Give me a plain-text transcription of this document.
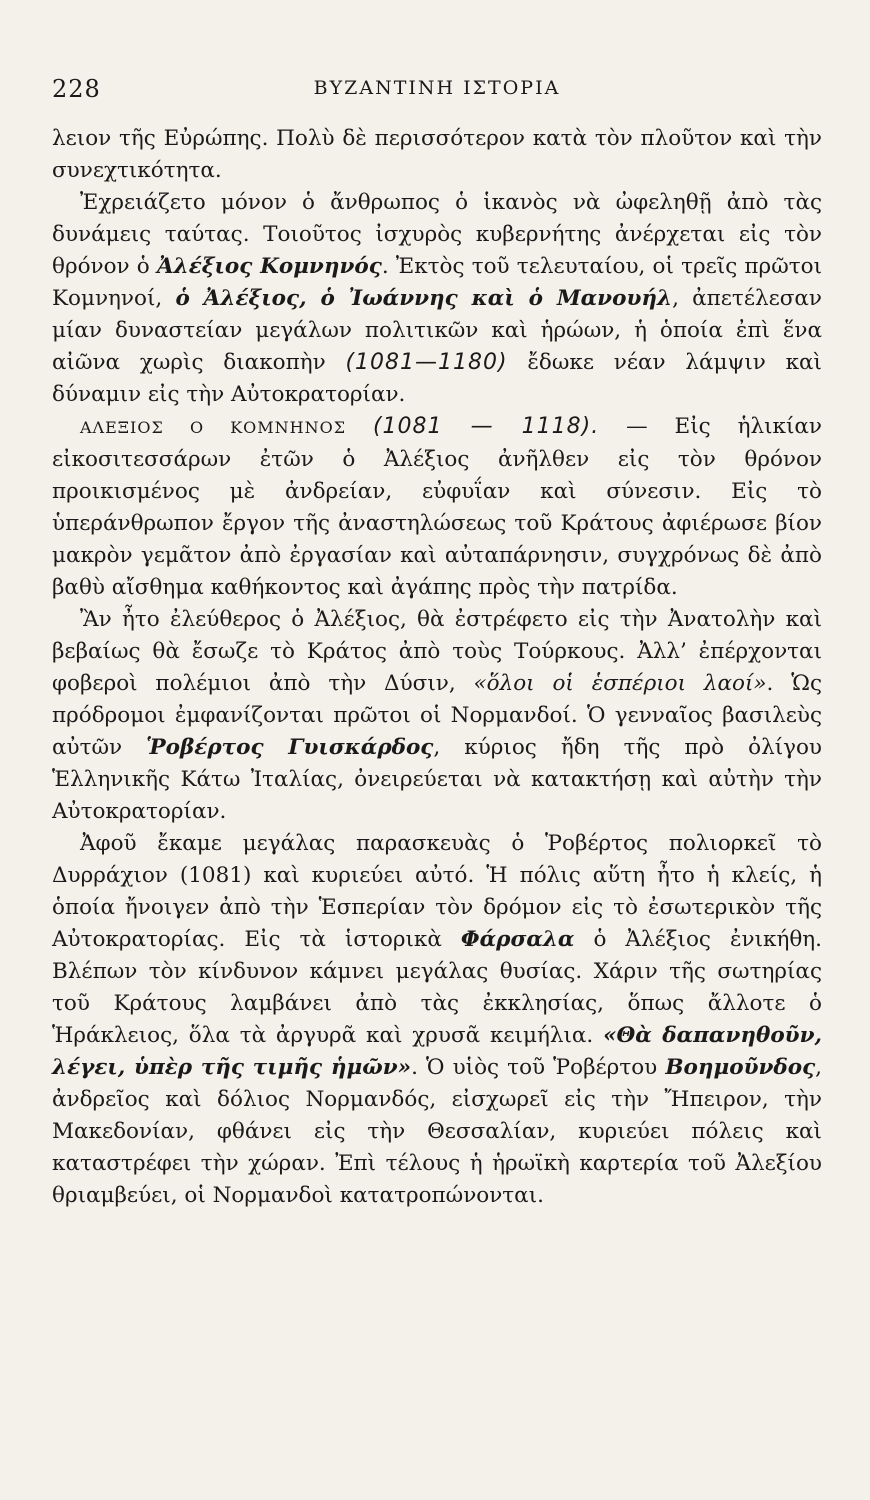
228	ΒΥΖΑΝΤΙΝΗ ΙΣΤΟΡΙΑ

λειον τῆς Εὐρώπης. Πολὺ δὲ περισσότερον κατὰ τὸν πλοῦτον καὶ τὴν συνεχτικότητα.

Ἐχρειάζετο μόνον ὁ ἄνθρωπος ὁ ἱκανὸς νὰ ὠφεληθῇ ἀπὸ τὰς δυνάμεις ταύτας. Τοιοῦτος ἰσχυρὸς κυβερνήτης ἀνέρχεται εἰς τὸν θρόνον ὁ Ἀλέξιος Κομνηνός. Ἐκτὸς τοῦ τελευταίου, οἱ τρεῖς πρῶτοι Κομνηνοί, ὁ Ἀλέξιος, ὁ Ἰωάννης καὶ ὁ Μανουήλ, ἀπετέλεσαν μίαν δυναστείαν μεγάλων πολιτικῶν καὶ ἡρώων, ἡ ὁποία ἐπὶ ἕνα αἰῶνα χωρὶς διακοπὴν (1081—1180) ἔδωκε νέαν λάμψιν καὶ δύναμιν εἰς τὴν Αὐτοκρατορίαν.

ΑΛΕΞΙΟΣ Ο ΚΟΜΝΗΝΟΣ (1081 — 1118). — Εἰς ἡλικίαν εἰκοσιτεσσάρων ἐτῶν ὁ Ἀλέξιος ἀνῆλθεν εἰς τὸν θρόνον προικισμένος μὲ ἀνδρείαν, εὐφυΐαν καὶ σύνεσιν. Εἰς τὸ ὑπεράνθρωπον ἔργον τῆς ἀναστηλώσεως τοῦ Κράτους ἀφιέρωσε βίον μακρὸν γεμᾶτον ἀπὸ ἐργασίαν καὶ αὐταπάρνησιν, συγχρόνως δὲ ἀπὸ βαθὺ αἴσθημα καθήκοντος καὶ ἀγάπης πρὸς τὴν πατρίδα.

Ἂν ἦτο ἐλεύθερος ὁ Ἀλέξιος, θὰ ἐστρέφετο εἰς τὴν Ἀνατολὴν καὶ βεβαίως θὰ ἔσωζε τὸ Κράτος ἀπὸ τοὺς Τούρκους. Ἀλλ’ ἐπέρχονται φοβεροὶ πολέμιοι ἀπὸ τὴν Δύσιν, «ὅλοι οἱ ἑσπέριοι λαοί». Ὡς πρόδρομοι ἐμφανίζονται πρῶτοι οἱ Νορμανδοί. Ὁ γενναῖος βασιλεὺς αὐτῶν Ῥοβέρτος Γυισκάρδος, κύριος ἤδη τῆς πρὸ ὀλίγου Ἑλληνικῆς Κάτω Ἰταλίας, ὀνειρεύεται νὰ κατακτήσῃ καὶ αὐτὴν τὴν Αὐτοκρατορίαν.

Ἀφοῦ ἔκαμε μεγάλας παρασκευὰς ὁ Ῥοβέρτος πολιορκεῖ τὸ Δυρράχιον (1081) καὶ κυριεύει αὐτό. Ἡ πόλις αὕτη ἦτο ἡ κλείς, ἡ ὁποία ἤνοιγεν ἀπὸ τὴν Ἑσπερίαν τὸν δρόμον εἰς τὸ ἐσωτερικὸν τῆς Αὐτοκρατορίας. Εἰς τὰ ἱστορικὰ Φάρσαλα ὁ Ἀλέξιος ἐνικήθη. Βλέπων τὸν κίνδυνον κάμνει μεγάλας θυσίας. Χάριν τῆς σωτηρίας τοῦ Κράτους λαμβάνει ἀπὸ τὰς ἐκκλησίας, ὅπως ἄλλοτε ὁ Ἡράκλειος, ὅλα τὰ ἀργυρᾶ καὶ χρυσᾶ κειμήλια. «Θὰ δαπανηθοῦν, λέγει, ὑπὲρ τῆς τιμῆς ἡμῶν». Ὁ υἱὸς τοῦ Ῥοβέρτου Βοημοῦνδος, ἀνδρεῖος καὶ δόλιος Νορμανδός, εἰσχωρεῖ εἰς τὴν Ἤπειρον, τὴν Μακεδονίαν, φθάνει εἰς τὴν Θεσσαλίαν, κυριεύει πόλεις καὶ καταστρέφει τὴν χώραν. Ἐπὶ τέλους ἡ ἡρωϊκὴ καρτερία τοῦ Ἀλεξίου θριαμβεύει, οἱ Νορμανδοὶ κατατροπώνονται.
